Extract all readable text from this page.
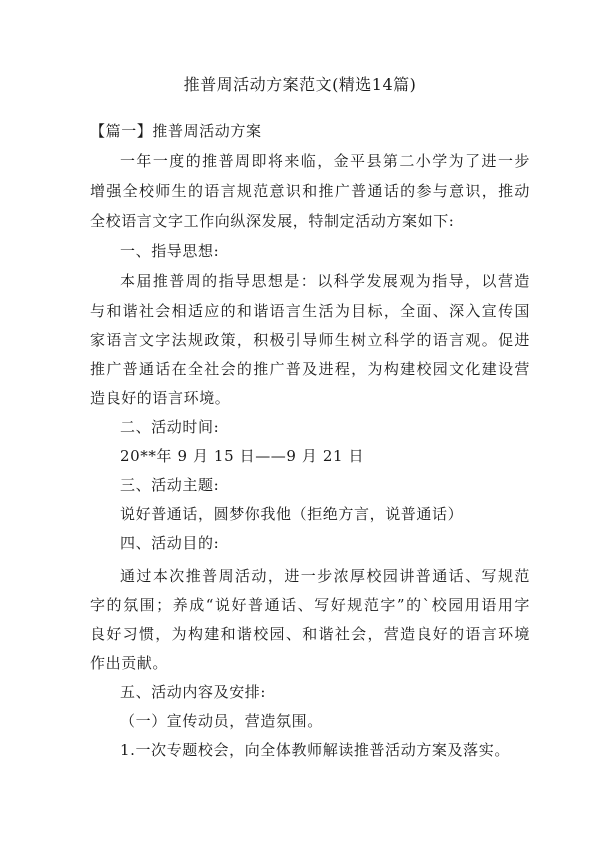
推普周活动方案范文(精选14篇)
【篇一】推普周活动方案
一年一度的推普周即将来临，金平县第二小学为了进一步
增强全校师生的语言规范意识和推广普通话的参与意识，推动
全校语言文字工作向纵深发展，特制定活动方案如下:
一、指导思想:
本届推普周的指导思想是：以科学发展观为指导，以营造
与和谐社会相适应的和谐语言生活为目标，全面、深入宣传国
家语言文字法规政策，积极引导师生树立科学的语言观。促进
推广普通话在全社会的推广普及进程，为构建校园文化建设营
造良好的语言环境。
二、活动时间:
20**年 9 月 15 日——9 月 21 日
三、活动主题:
说好普通话，圆梦你我他（拒绝方言，说普通话）
四、活动目的:
通过本次推普周活动，进一步浓厚校园讲普通话、写规范
字的氛围；养成“说好普通话、写好规范字”的`校园用语用字
良好习惯，为构建和谐校园、和谐社会，营造良好的语言环境
作出贡献。
五、活动内容及安排:
（一）宣传动员，营造氛围。
1.一次专题校会，向全体教师解读推普活动方案及落实。
